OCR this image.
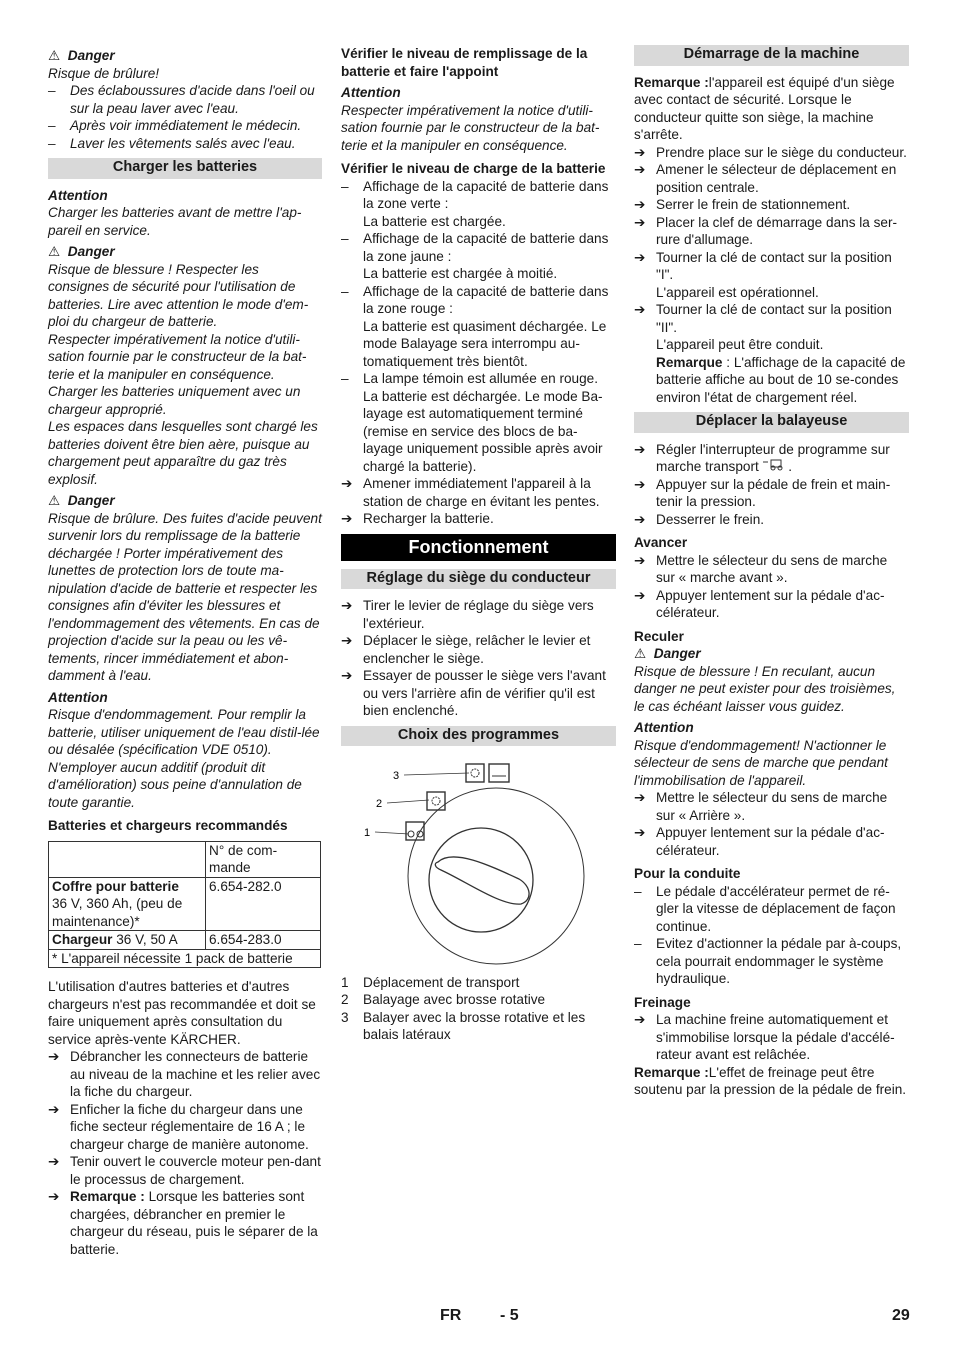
⚠ Danger

Risque de brûlure!

–	Des éclaboussures d'acide dans l'oeil ou sur la peau laver avec l'eau.
–	Après voir immédiatement le médecin.
–	Laver les vêtements salés avec l'eau.
Charger les batteries

Attention

Charger les batteries avant de mettre l'ap-pareil en service.

⚠ Danger

Risque de blessure ! Respecter les consignes de sécurité pour l'utilisation de batteries. Lire avec attention le mode d'em-ploi du chargeur de batterie.

Respecter impérativement la notice d'utili-sation fournie par le constructeur de la bat-terie et la manipuler en conséquence.

Charger les batteries uniquement avec un chargeur approprié.

Les espaces dans lesquelles sont chargé les batteries doivent être bien aère, puisque au chargement peut apparaître du gaz très explosif.

⚠ Danger

Risque de brûlure. Des fuites d'acide peuvent survenir lors du remplissage de la batterie déchargée ! Porter impérativement des lunettes de protection lors de toute ma-nipulation d'acide de batterie et respecter les consignes afin d'éviter les blessures et l'endommagement des vêtements. En cas de projection d'acide sur la peau ou les vê-tements, rincer immédiatement et abon-damment à l'eau.

Attention

Risque d'endommagement. Pour remplir la batterie, utiliser uniquement de l'eau distil-lée ou désalée (spécification VDE 0510). N'employer aucun additif (produit dit d'amélioration) sous peine d'annulation de toute garantie.

Batteries et chargeurs recommandés

	N° de com-mande
Coffre pour batterie
36 V, 360 Ah, (peu de maintenance)*	6.654-282.0
Chargeur 36 V, 50 A	6.654-283.0
* L'appareil nécessite 1 pack de batterie	

L'utilisation d'autres batteries et d'autres chargeurs n'est pas recommandée et doit se faire uniquement après consultation du service après-vente KÄRCHER.

➔ Débrancher les connecteurs de batterie au niveau de la machine et les relier avec la fiche du chargeur.
➔ Enficher la fiche du chargeur dans une fiche secteur réglementaire de 16 A ; le chargeur charge de manière autonome.
➔ Tenir ouvert le couvercle moteur pen-dant le processus de chargement.
➔ Remarque : Lorsque les batteries sont chargées, débrancher en premier le chargeur du réseau, puis le séparer de la batterie.

Vérifier le niveau de remplissage de la batterie et faire l'appoint

Attention

Respecter impérativement la notice d'utili-sation fournie par le constructeur de la bat-terie et la manipuler en conséquence.

Vérifier le niveau de charge de la batterie

–	Affichage de la capacité de batterie dans la zone verte :

La batterie est chargée.

–	Affichage de la capacité de batterie dans la zone jaune :

La batterie est chargée à moitié.

–	Affichage de la capacité de batterie dans la zone rouge :

La batterie est quasiment déchargée. Le mode Balayage sera interrompu au-tomatiquement très bientôt.

–	La lampe témoin est allumée en rouge.

La batterie est déchargée. Le mode Ba-layage est automatiquement terminé (remise en service des blocs de ba-layage uniquement possible après avoir chargé la batterie).

➔ Amener immédiatement l'appareil à la station de charge en évitant les pentes.
➔ Recharger la batterie.
Fonctionnement
Réglage du siège du conducteur
➔ Tirer le levier de réglage du siège vers l'extérieur.
➔ Déplacer le siège, relâcher le levier et enclencher le siège.
➔ Essayer de pousser le siège vers l'avant ou vers l'arrière afin de vérifier qu'il est bien enclenché.
Choix des programmes
1
2
3
1	Déplacement de transport
2	Balayage avec brosse rotative
3	Balayer avec la brosse rotative et les balais latéraux
Démarrage de la machine

Remarque :l'appareil est équipé d'un siège avec contact de sécurité. Lorsque le conducteur quitte son siège, la machine s'arrête.

➔ Prendre place sur le siège du conducteur.
➔ Amener le sélecteur de déplacement en position centrale.
➔ Serrer le frein de stationnement.
➔ Placer la clef de démarrage dans la ser-rure d'allumage.
➔ Tourner la clé de contact sur la position "I".

L'appareil est opérationnel.

➔ Tourner la clé de contact sur la position "II".

L'appareil peut être conduit.

Remarque : L'affichage de la capacité de batterie affiche au bout de 10 se-condes environ l'état de chargement réel.

Déplacer la balayeuse
➔ Régler l'interrupteur de programme sur marche transport  .
➔ Appuyer sur la pédale de frein et main-tenir la pression.
➔ Desserrer le frein.

Avancer

➔ Mettre le sélecteur du sens de marche sur « marche avant ».
➔ Appuyer lentement sur la pédale d'ac-célérateur.

Reculer

⚠ Danger

Risque de blessure ! En reculant, aucun danger ne peut exister pour des troisièmes, le cas échéant laisser vous guidez.

Attention

Risque d'endommagement! N'actionner le sélecteur de sens de marche que pendant l'immobilisation de l'appareil.

➔ Mettre le sélecteur du sens de marche sur « Arrière ».
➔ Appuyer lentement sur la pédale d'ac-célérateur.

Pour la conduite

–	Le pédale d'accélérateur permet de ré-gler la vitesse de déplacement de façon continue.
–	Evitez d'actionner la pédale par à-coups, cela pourrait endommager le système hydraulique.

Freinage

➔ La machine freine automatiquement et s'immobilise lorsque la pédale d'accélé-rateur avant est relâchée.

Remarque :L'effet de freinage peut être soutenu par la pression de la pédale de frein.

FR - 5	29
